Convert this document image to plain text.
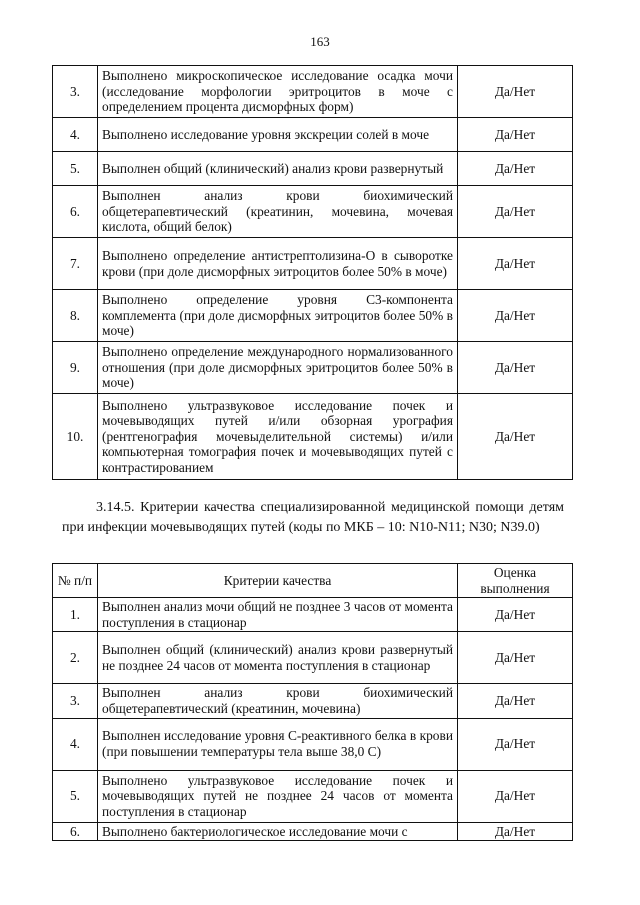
163
3.	Выполнено микроскопическое исследование осадка мочи (исследование морфологии эритроцитов в моче с определением процента дисморфных форм)	Да/Нет
4.	Выполнено исследование уровня экскреции солей в моче	Да/Нет
5.	Выполнен общий (клинический) анализ крови развернутый	Да/Нет
6.	Выполнен анализ крови биохимический общетерапевтический (креатинин, мочевина, мочевая кислота, общий белок)	Да/Нет
7.	Выполнено определение антистрептолизина-О в сыворотке крови (при доле дисморфных эитроцитов более 50% в моче)	Да/Нет
8.	Выполнено определение уровня С3-компонента комплемента (при доле дисморфных эитроцитов более 50% в моче)	Да/Нет
9.	Выполнено определение международного нормализованного отношения (при доле дисморфных эритроцитов более 50% в моче)	Да/Нет
10.	Выполнено ультразвуковое исследование почек и мочевыводящих путей и/или обзорная урография (рентгенография мочевыделительной системы) и/или компьютерная томография почек и мочевыводящих путей с контрастированием	Да/Нет
3.14.5. Критерии качества специализированной медицинской помощи детям при инфекции мочевыводящих путей (коды по МКБ – 10: N10-N11; N30; N39.0)
№ п/п	Критерии качества	Оценка выполнения
1.	Выполнен анализ мочи общий не позднее 3 часов от момента поступления в стационар	Да/Нет
2.	Выполнен общий (клинический) анализ крови развернутый не позднее 24 часов от момента поступления в стационар	Да/Нет
3.	Выполнен анализ крови биохимический общетерапевтический (креатинин, мочевина)	Да/Нет
4.	Выполнен исследование уровня С-реактивного белка в крови (при повышении температуры тела выше 38,0 С)	Да/Нет
5.	Выполнено ультразвуковое исследование почек и мочевыводящих путей не позднее 24 часов от момента поступления в стационар	Да/Нет
6.	Выполнено бактериологическое исследование мочи с	Да/Нет
